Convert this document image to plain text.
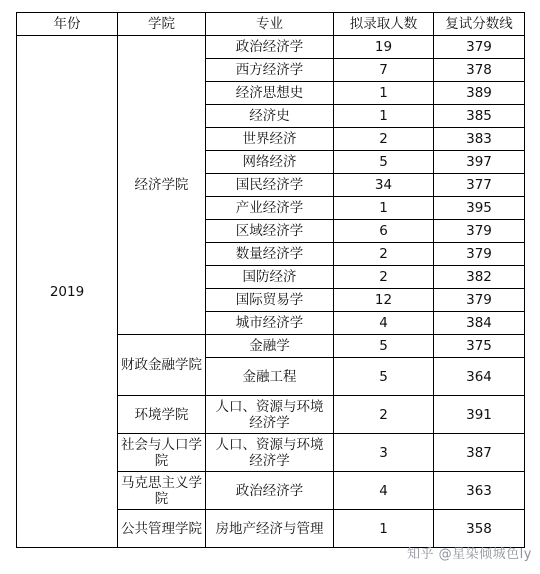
年份	学院	专业	拟录取人数	复试分数线
2019	经济学院	政治经济学	19	379
		西方经济学	7	378
		经济思想史	1	389
		经济史	1	385
		世界经济	2	383
		网络经济	5	397
		国民经济学	34	377
		产业经济学	1	395
		区域经济学	6	379
		数量经济学	2	379
		国防经济	2	382
		国际贸易学	12	379
		城市经济学	4	384

	财政金融学院	金融学	5	375
		金融工程	5	364
	环境学院	人口、资源与环境经济学	2	391

	社会与人口学院	人口、资源与环境经济学	3	387

	马克思主义学院	政治经济学	4	363

	公共管理学院	房地产经济与管理	1	358
知乎 @星染倾城色ly
